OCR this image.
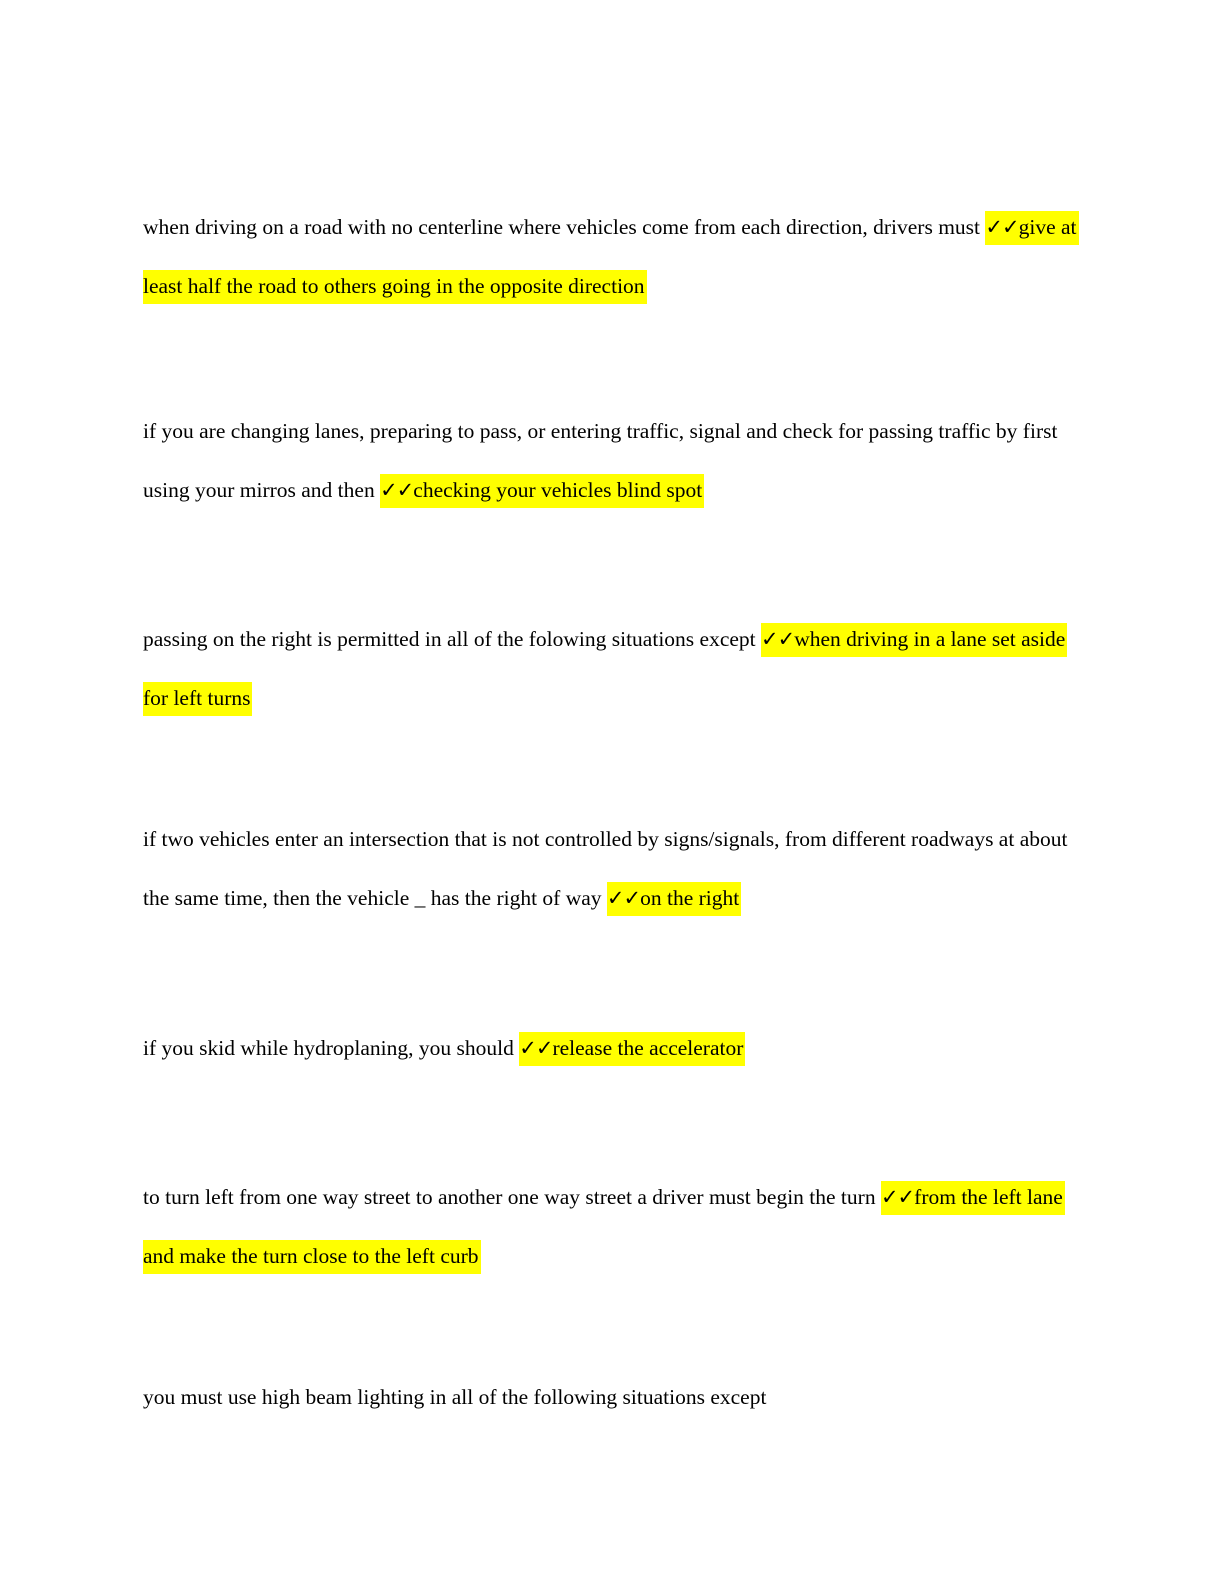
when driving on a road with no centerline where vehicles come from each direction, drivers must ✓✓give at least half the road to others going in the opposite direction
if you are changing lanes, preparing to pass, or entering traffic, signal and check for passing traffic by first using your mirros and then ✓✓checking your vehicles blind spot
passing on the right is permitted in all of the folowing situations except ✓✓when driving in a lane set aside for left turns
if two vehicles enter an intersection that is not controlled by signs/signals, from different roadways at about the same time, then the vehicle _ has the right of way ✓✓on the right
if you skid while hydroplaning, you should ✓✓release the accelerator
to turn left from one way street to another one way street a driver must begin the turn ✓✓from the left lane and make the turn close to the left curb
you must use high beam lighting in all of the following situations except
